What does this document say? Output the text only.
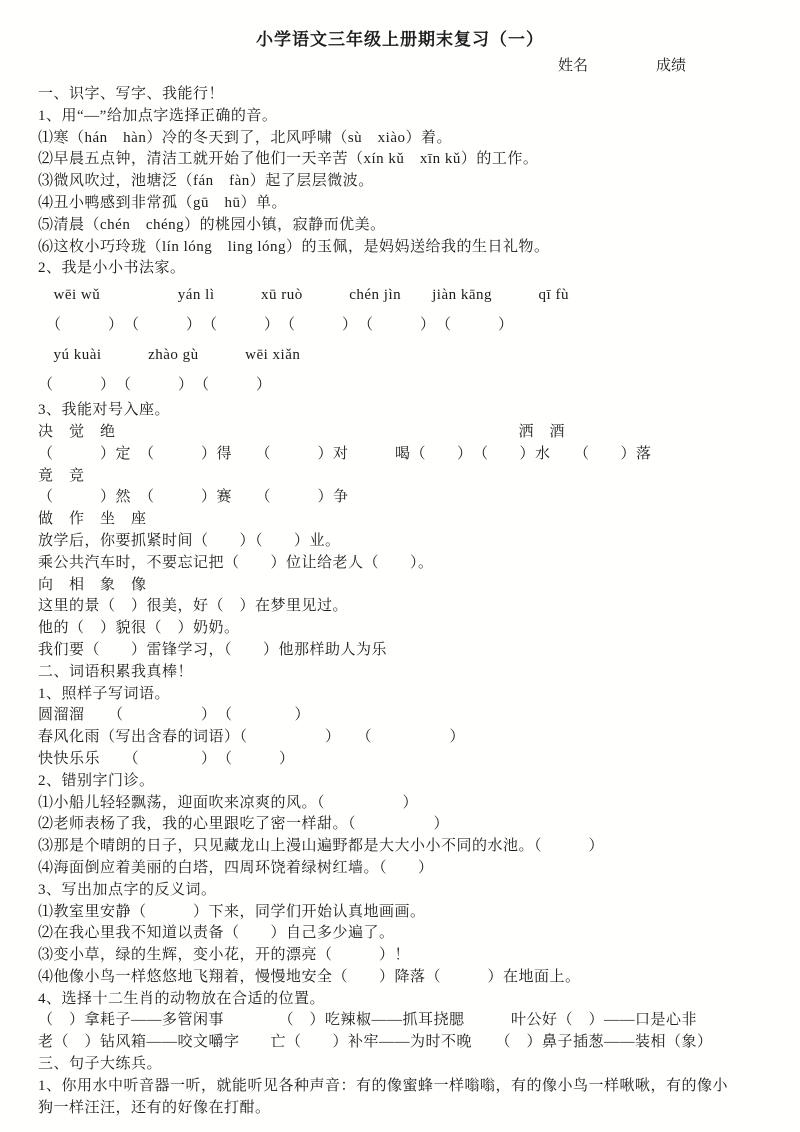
小学语文三年级上册期末复习（一）
姓名	成绩
一、识字、写字、我能行！
1、用“—”给加点字选择正确的音。
⑴寒（hán　hàn）冷的冬天到了，北风呼啸（sù　xiào）着。
⑵早晨五点钟，清洁工就开始了他们一天辛苦（xín kǔ　xīn kǔ）的工作。
⑶微风吹过，池塘泛（fán　fàn）起了层层微波。
⑷丑小鸭感到非常孤（gū　hū）单。
⑸清晨（chén　chéng）的桃园小镇，寂静而优美。
⑹这枚小巧玲珑（lín lóng　ling lóng）的玉佩，是妈妈送给我的生日礼物。
2、我是小小书法家。
　wēi wǔ　　　　　yán lì　　　xū ruò　　　chén jìn　　jiàn kāng　　　qī fù
　（　　　）　（　　　）　（　　　）　（　　　）　（　　　）　（　　　）
　yú kuài　　　zhào gù　　　wēi xiǎn
（　　　）　（　　　）　（　　　）
3、我能对号入座。
决　觉　绝　　　　　　　　　　　　　　　　　　　　　　　　　　洒　酒
（　　　）定　（　　　）得　　（　　　）对　　　喝（　　）　（　　）水　　（　　）落
竟　竞
（　　　）然　（　　　）赛　　（　　　）争
做　作　坐　座
放学后，你要抓紧时间（　　）（　　）业。
乘公共汽车时，不要忘记把（　　）位让给老人（　　）。
向　相　象　像
这里的景（　）很美，好（　）在梦里见过。
他的（　）貌很（　）奶奶。
我们要（　　）雷锋学习，（　　）他那样助人为乐
二、词语积累我真棒！
1、照样子写词语。
圆溜溜　　（　　　　　）　（　　　　）
春风化雨（写出含春的词语）（　　　　　）　　（　　　　　）
快快乐乐　　（　　　　）　（　　　）
2、错别字门诊。
⑴小船儿轻轻飘荡，迎面吹来凉爽的风。（　　　　　）
⑵老师表杨了我，我的心里跟吃了密一样甜。（　　　　　）
⑶那是个晴朗的日子，只见藏龙山上漫山遍野都是大大小小不同的水池。（　　　）
⑷海面倒应着美丽的白塔，四周环饶着绿树红墙。（　　）
3、写出加点字的反义词。
⑴教室里安静（　　　）下来，同学们开始认真地画画。
⑵在我心里我不知道以责备（　　）自己多少遍了。
⑶变小草，绿的生辉，变小花，开的漂亮（　　　）！
⑷他像小鸟一样悠悠地飞翔着，慢慢地安全（　　）降落（　　　）在地面上。
4、选择十二生肖的动物放在合适的位置。
（　）拿耗子——多管闲事　　　　（　）吃辣椒——抓耳挠腮　　　叶公好（　）——口是心非
老（　）钻风箱——咬文嚼字　　亡（　　）补牢——为时不晚　　（　）鼻子插葱——装相（象）
三、句子大练兵。
1、你用水中听音器一听，就能听见各种声音：有的像蜜蜂一样嗡嗡，有的像小鸟一样啾啾，有的像小
狗一样汪汪，还有的好像在打酣。
